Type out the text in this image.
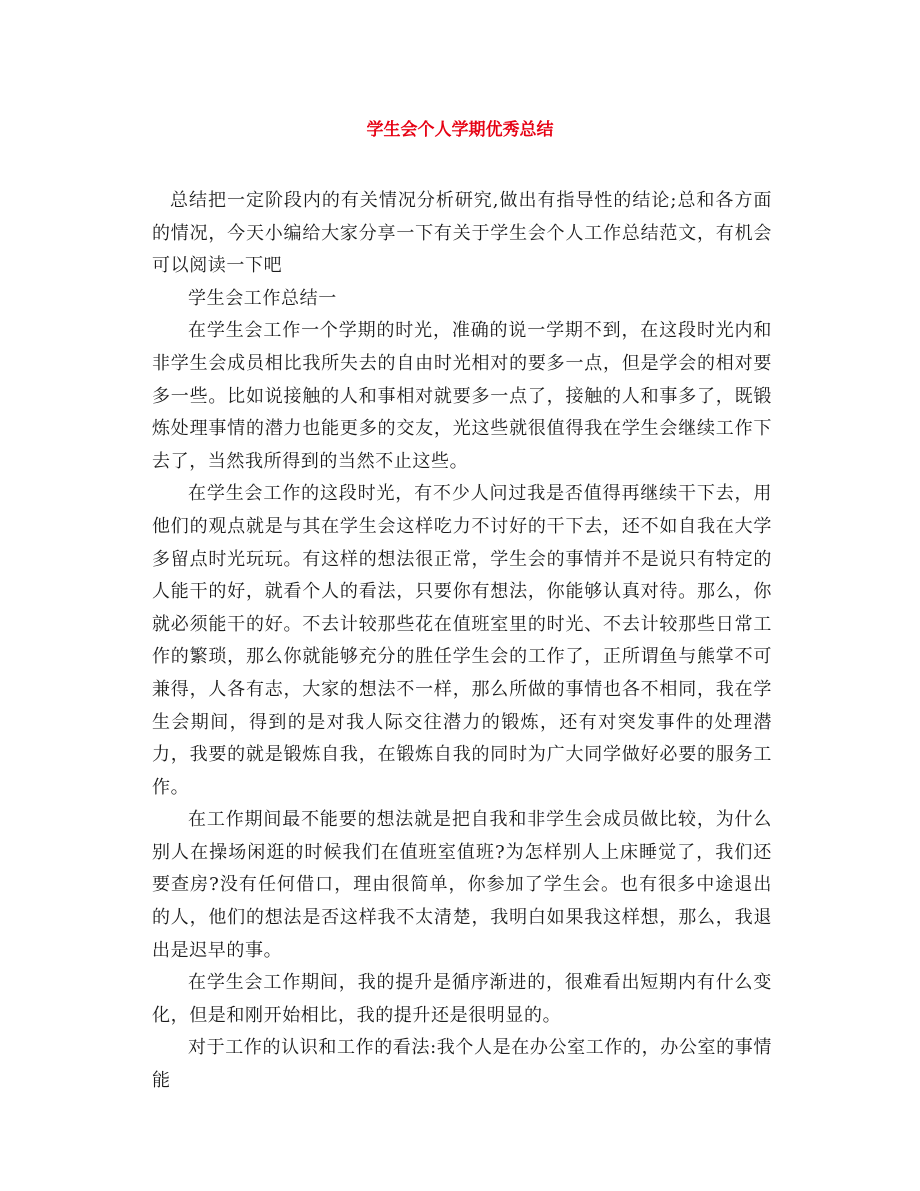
学生会个人学期优秀总结

总结把一定阶段内的有关情况分析研究,做出有指导性的结论;总和各方面的情况，今天小编给大家分享一下有关于学生会个人工作总结范文，有机会可以阅读一下吧

学生会工作总结一

在学生会工作一个学期的时光，准确的说一学期不到，在这段时光内和非学生会成员相比我所失去的自由时光相对的要多一点，但是学会的相对要多一些。比如说接触的人和事相对就要多一点了，接触的人和事多了，既锻炼处理事情的潜力也能更多的交友，光这些就很值得我在学生会继续工作下去了，当然我所得到的当然不止这些。

在学生会工作的这段时光，有不少人问过我是否值得再继续干下去，用他们的观点就是与其在学生会这样吃力不讨好的干下去，还不如自我在大学多留点时光玩玩。有这样的想法很正常，学生会的事情并不是说只有特定的人能干的好，就看个人的看法，只要你有想法，你能够认真对待。那么，你就必须能干的好。不去计较那些花在值班室里的时光、不去计较那些日常工作的繁琐，那么你就能够充分的胜任学生会的工作了，正所谓鱼与熊掌不可兼得，人各有志，大家的想法不一样，那么所做的事情也各不相同，我在学生会期间，得到的是对我人际交往潜力的锻炼，还有对突发事件的处理潜力，我要的就是锻炼自我，在锻炼自我的同时为广大同学做好必要的服务工作。

在工作期间最不能要的想法就是把自我和非学生会成员做比较，为什么别人在操场闲逛的时候我们在值班室值班?为怎样别人上床睡觉了，我们还要查房?没有任何借口，理由很简单，你参加了学生会。也有很多中途退出的人，他们的想法是否这样我不太清楚，我明白如果我这样想，那么，我退出是迟早的事。

在学生会工作期间，我的提升是循序渐进的，很难看出短期内有什么变化，但是和刚开始相比，我的提升还是很明显的。

对于工作的认识和工作的看法:我个人是在办公室工作的，办公室的事情能
